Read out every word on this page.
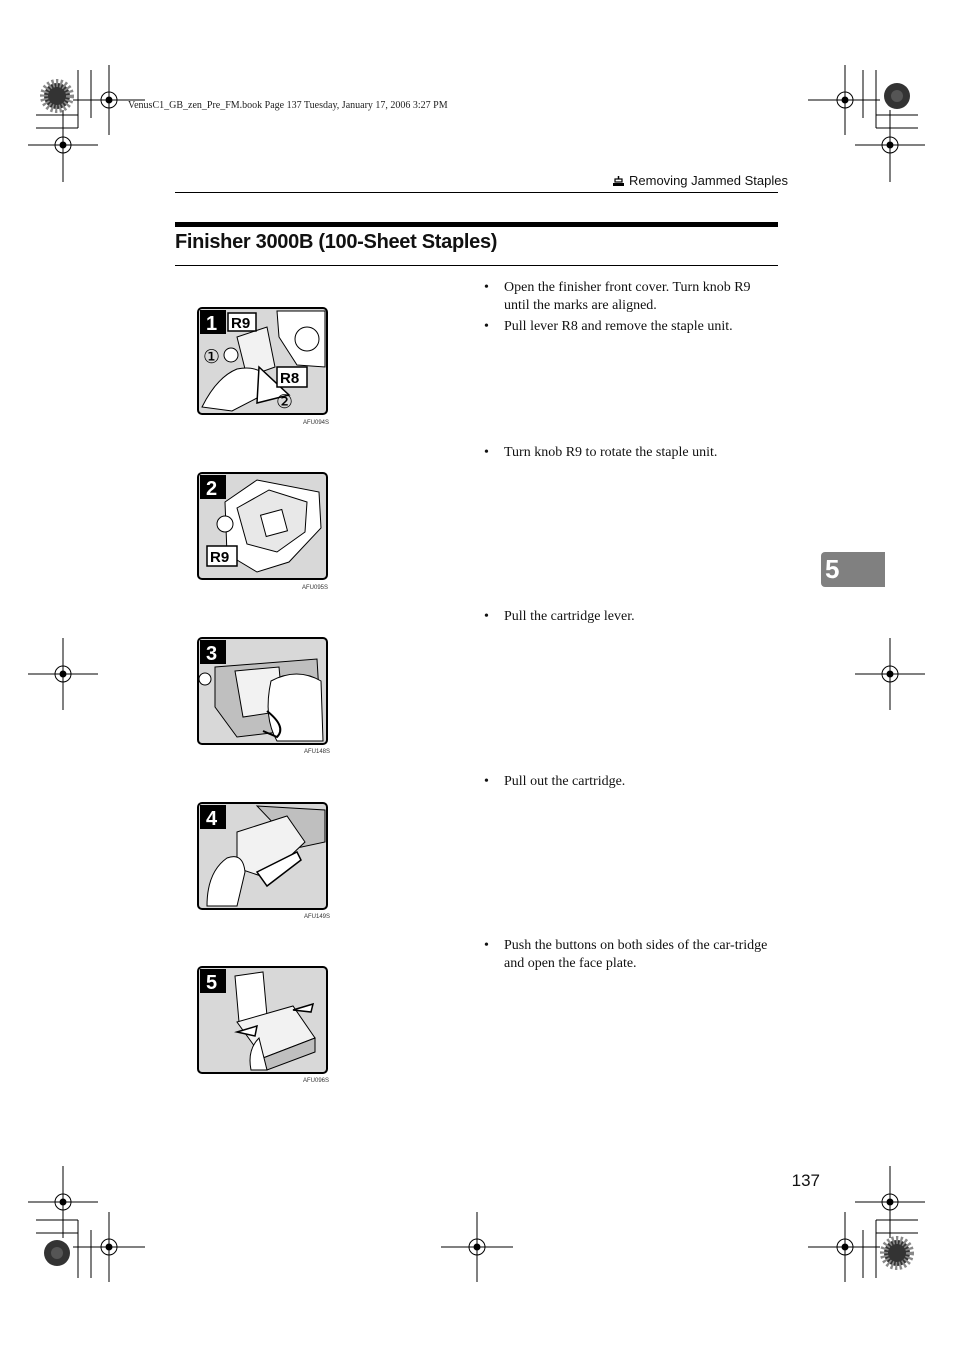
VenusC1_GB_zen_Pre_FM.book Page 137 Tuesday, January 17, 2006 3:27 PM
Removing Jammed Staples
Finisher 3000B (100-Sheet Staples)
5
1 R9
R8
①
②
AFU094S
• Open the finisher front cover. Turn knob R9 until the marks are aligned.
• Pull lever R8 and remove the staple unit.
2
R9
AFU095S
• Turn knob R9 to rotate the staple unit.
3
AFU148S
• Pull the cartridge lever.
4
AFU149S
• Pull out the cartridge.
5
AFU096S
• Push the buttons on both sides of the car-tridge and open the face plate.
137
